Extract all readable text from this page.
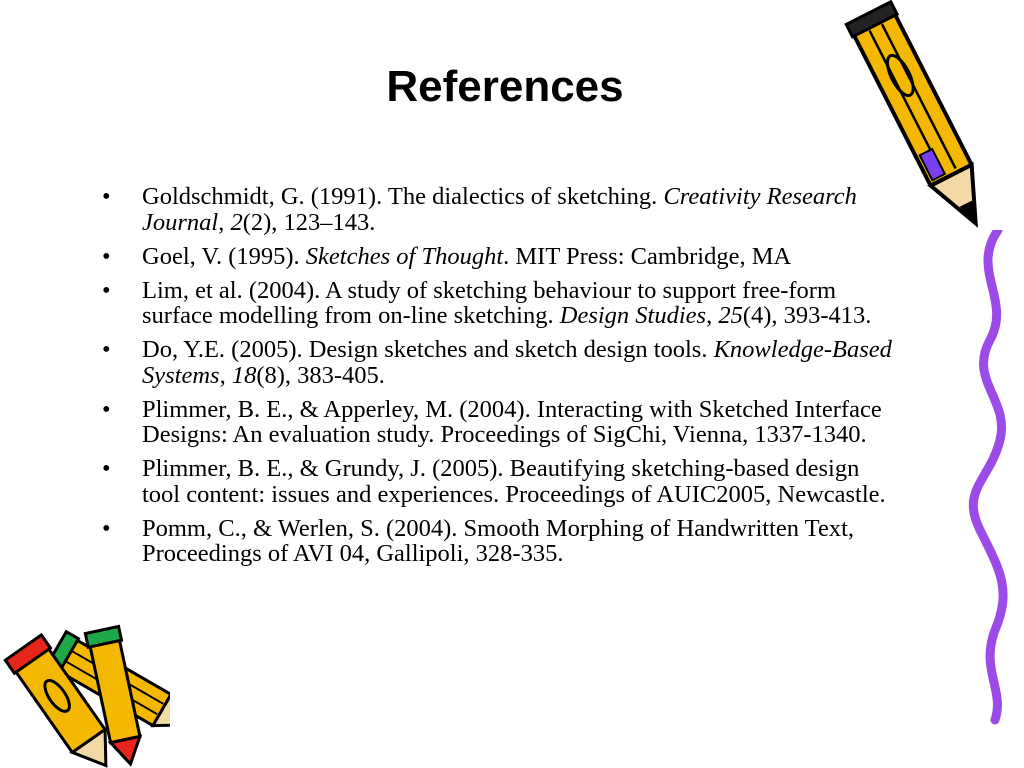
References
• Goldschmidt, G. (1991). The dialectics of sketching. Creativity Research Journal, 2(2), 123–143.
• Goel, V. (1995). Sketches of Thought. MIT Press: Cambridge, MA
• Lim, et al. (2004). A study of sketching behaviour to support free-form surface modelling from on-line sketching. Design Studies, 25(4), 393-413.
• Do, Y.E. (2005). Design sketches and sketch design tools. Knowledge-Based Systems, 18(8), 383-405.
• Plimmer, B. E., & Apperley, M. (2004). Interacting with Sketched Interface Designs: An evaluation study. Proceedings of SigChi, Vienna, 1337-1340.
• Plimmer, B. E., & Grundy, J. (2005). Beautifying sketching-based design tool content: issues and experiences. Proceedings of AUIC2005, Newcastle.
• Pomm, C., & Werlen, S. (2004). Smooth Morphing of Handwritten Text, Proceedings of AVI 04, Gallipoli, 328-335.
